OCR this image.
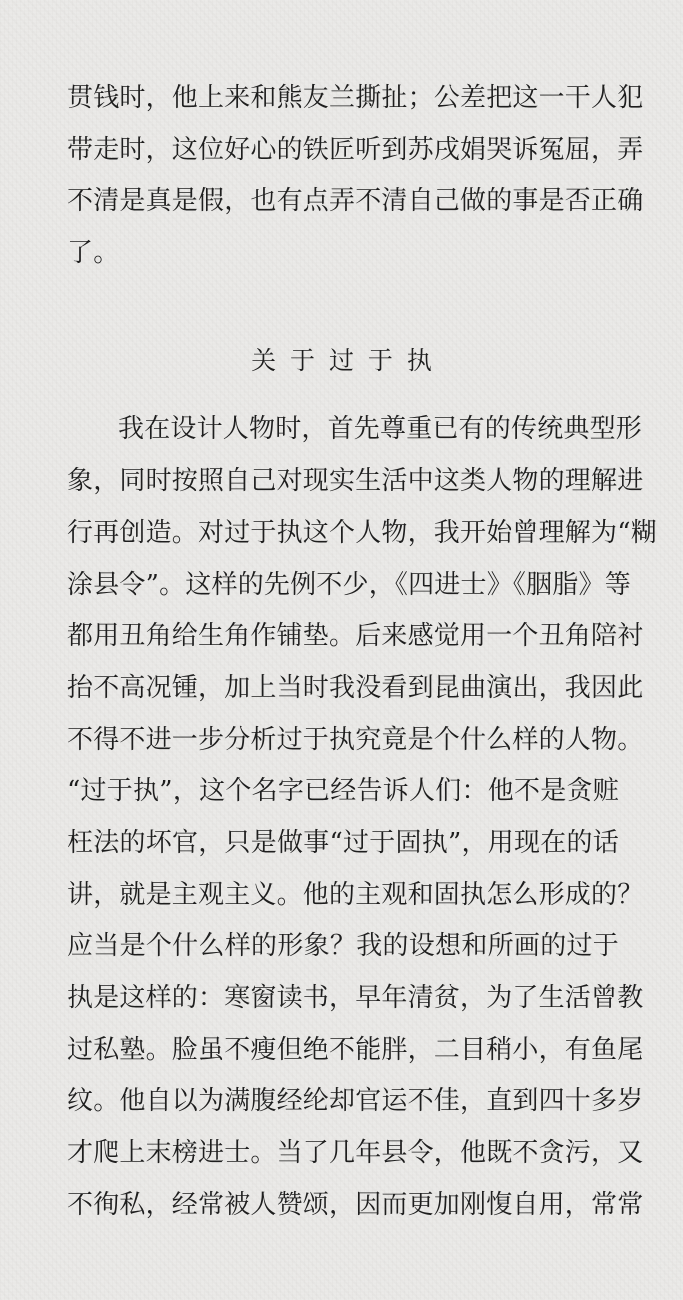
贯钱时，他上来和熊友兰撕扯；公差把这一干人犯
带走时，这位好心的铁匠听到苏戌娟哭诉冤屈，弄
不清是真是假，也有点弄不清自己做的事是否正确
了。
关 于 过 于 执
我在设计人物时，首先尊重已有的传统典型形
象，同时按照自己对现实生活中这类人物的理解进
行再创造。对过于执这个人物，我开始曾理解为“糊
涂县令”。这样的先例不少，《四进士》《胭脂》等
都用丑角给生角作铺垫。后来感觉用一个丑角陪衬
抬不高况锺，加上当时我没看到昆曲演出，我因此
不得不进一步分析过于执究竟是个什么样的人物。
“过于执”，这个名字已经告诉人们：他不是贪赃
枉法的坏官，只是做事“过于固执”，用现在的话
讲，就是主观主义。他的主观和固执怎么形成的？
应当是个什么样的形象？我的设想和所画的过于
执是这样的：寒窗读书，早年清贫，为了生活曾教
过私塾。脸虽不瘦但绝不能胖，二目稍小，有鱼尾
纹。他自以为满腹经纶却官运不佳，直到四十多岁
才爬上末榜进士。当了几年县令，他既不贪污，又
不徇私，经常被人赞颂，因而更加刚愎自用，常常
